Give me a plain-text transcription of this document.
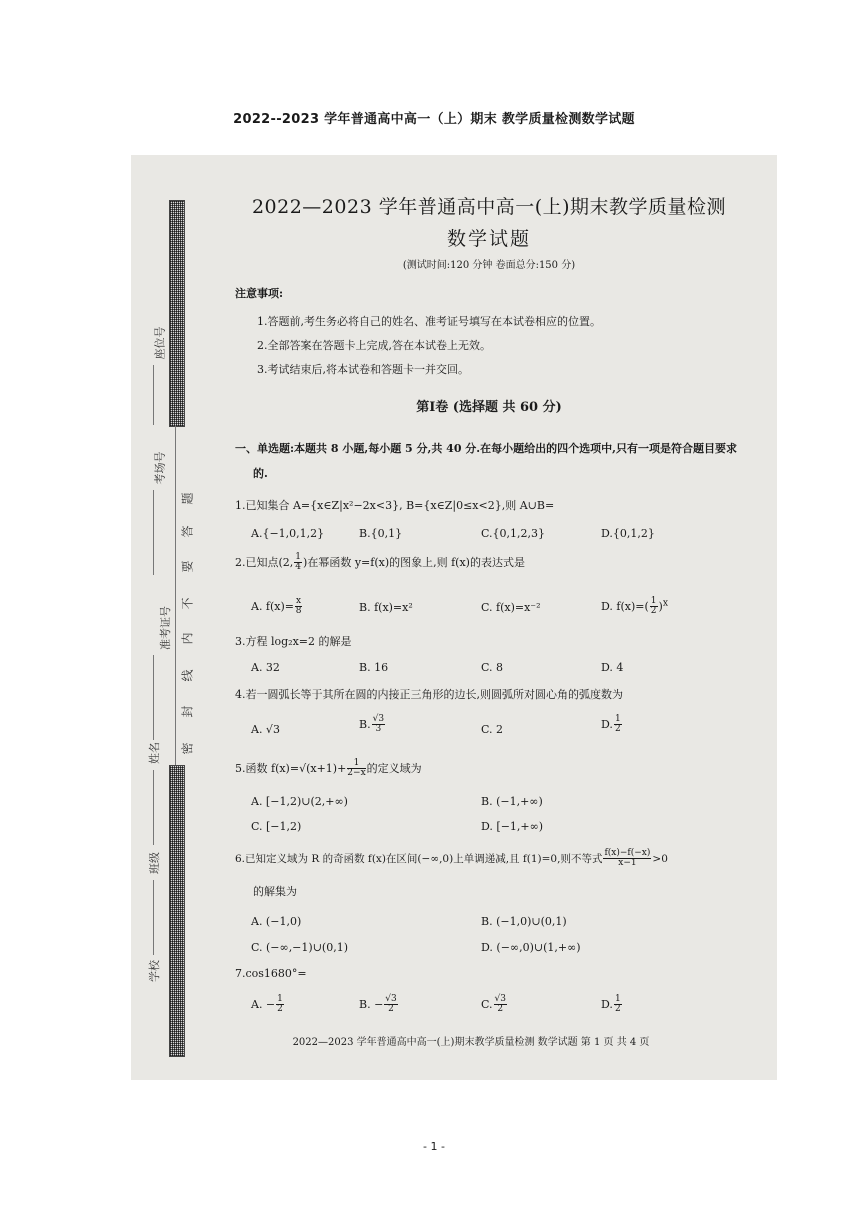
2022--2023 学年普通高中高一（上）期末 教学质量检测数学试题
题
答
要
不
内
线
封
密
座位号
考场号
准考证号
姓名
班级
学校
2022—2023 学年普通高中高一(上)期末教学质量检测
数学试题
(测试时间:120 分钟 卷面总分:150 分)
注意事项:
1.答题前,考生务必将自己的姓名、准考证号填写在本试卷相应的位置。
2.全部答案在答题卡上完成,答在本试卷上无效。
3.考试结束后,将本试卷和答题卡一并交回。
第Ⅰ卷 (选择题 共 60 分)
一、单选题:本题共 8 小题,每小题 5 分,共 40 分.在每小题给出的四个选项中,只有一项是符合题目要求
的.
1.已知集合 A={x∈Z|x²−2x<3}, B={x∈Z|0≤x<2},则 A∪B=
A.{−1,0,1,2}	B.{0,1}	C.{0,1,2,3}	D.{0,1,2}
2.已知点(2, $\frac{1}{4}$ )在幂函数 y=f(x)的图象上,则 f(x)的表达式是
A. $f(x)= \frac{x}{8}$	B. f(x)=x²	C. f(x)=x⁻²	D. $f(x)=( \frac{1}{2} )^x$
3.方程 log₂x=2 的解是
A. 32	B. 16	C. 8	D. 4
4.若一圆弧长等于其所在圆的内接正三角形的边长,则圆弧所对圆心角的弧度数为
A. √3	B. $\frac{√3}{3}$	C. 2	D. $\frac{1}{2}$
5.函数 $f(x)=√(x+1)+ \frac{1}{2-x}$ 的定义域为
A. [−1,2)∪(2,+∞)	B. (−1,+∞)
C. [−1,2)	D. [−1,+∞)
6.已知定义域为 R 的奇函数 f(x)在区间(−∞,0)上单调递减,且 f(1)=0,则不等式 $\frac{f(x)-f(-x)}{x-1} >0$
的解集为
A. (−1,0)	B. (−1,0)∪(0,1)
C. (−∞,−1)∪(0,1)	D. (−∞,0)∪(1,+∞)
7.cos1680°=
A. − $\frac{1}{2}$	B. − $\frac{√3}{2}$	C. $\frac{√3}{2}$	D. $\frac{1}{2}$
2022—2023 学年普通高中高一(上)期末教学质量检测 数学试题 第 1 页 共 4 页
- 1 -
